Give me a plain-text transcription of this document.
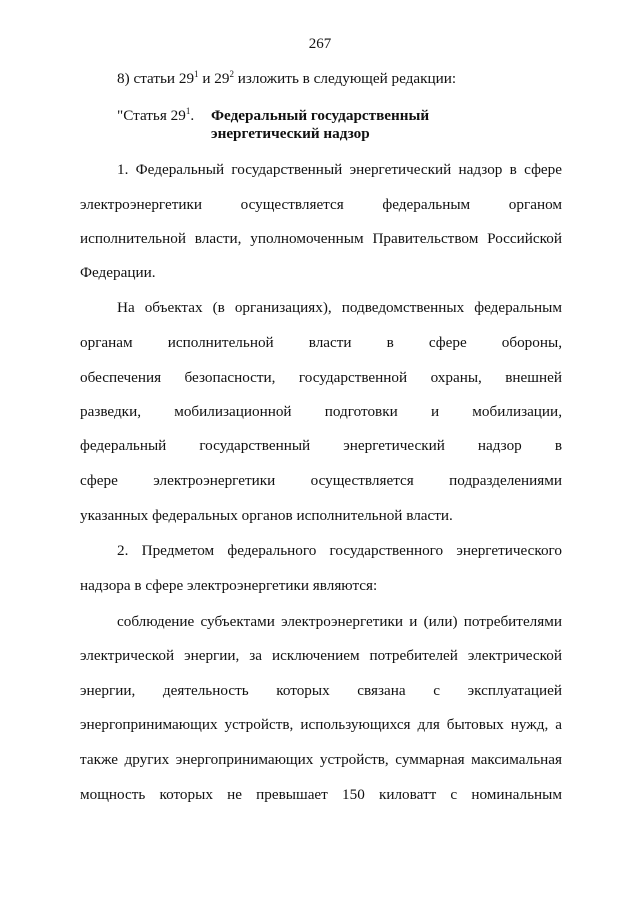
267
8) статьи $29^1$ и $29^2$ изложить в следующей редакции:
"Статья $29^1$. Федеральный государственный
энергетический надзор
1. Федеральный государственный энергетический надзор в сфере
электроэнергетики осуществляется федеральным органом
исполнительной власти, уполномоченным Правительством Российской
Федерации.
На объектах (в организациях), подведомственных федеральным
органам исполнительной власти в сфере обороны,
обеспечения безопасности, государственной охраны, внешней
разведки, мобилизационной подготовки и мобилизации,
федеральный государственный энергетический надзор в
сфере электроэнергетики осуществляется подразделениями
указанных федеральных органов исполнительной власти.
2. Предметом федерального государственного энергетического
надзора в сфере электроэнергетики являются:
соблюдение субъектами электроэнергетики и (или) потребителями
электрической энергии, за исключением потребителей электрической
энергии, деятельность которых связана с эксплуатацией
энергопринимающих устройств, использующихся для бытовых нужд, а
также других энергопринимающих устройств, суммарная максимальная
мощность которых не превышает 150 киловатт с номинальным
